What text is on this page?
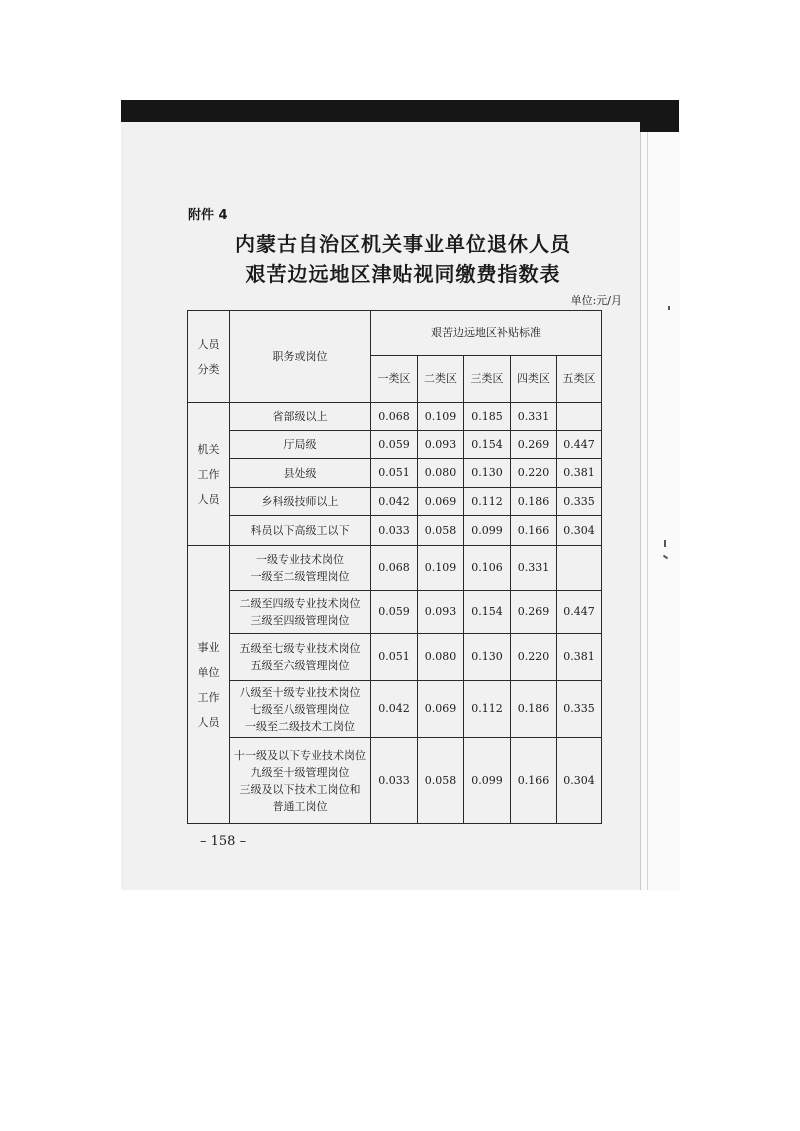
附件 4
内蒙古自治区机关事业单位退休人员
艰苦边远地区津贴视同缴费指数表
单位:元/月
人员
分类	职务或岗位	艰苦边远地区补贴标准				
		一类区	二类区	三类区	四类区	五类区

机关
工作
人员	省部级以上	0.068	0.109	0.185	0.331	

	厅局级	0.059	0.093	0.154	0.269	0.447

	县处级	0.051	0.080	0.130	0.220	0.381

	乡科级技师以上	0.042	0.069	0.112	0.186	0.335

	科员以下高级工以下	0.033	0.058	0.099	0.166	0.304

事业
单位
工作
人员	一级专业技术岗位
一级至二级管理岗位	0.068	0.109	0.106	0.331	

	二级至四级专业技术岗位
三级至四级管理岗位	0.059	0.093	0.154	0.269	0.447

	五级至七级专业技术岗位
五级至六级管理岗位	0.051	0.080	0.130	0.220	0.381

	八级至十级专业技术岗位
七级至八级管理岗位
一级至二级技术工岗位	0.042	0.069	0.112	0.186	0.335

	十一级及以下专业技术岗位
九级至十级管理岗位
三级及以下技术工岗位和
普通工岗位	0.033	0.058	0.099	0.166	0.304
– 158 –
